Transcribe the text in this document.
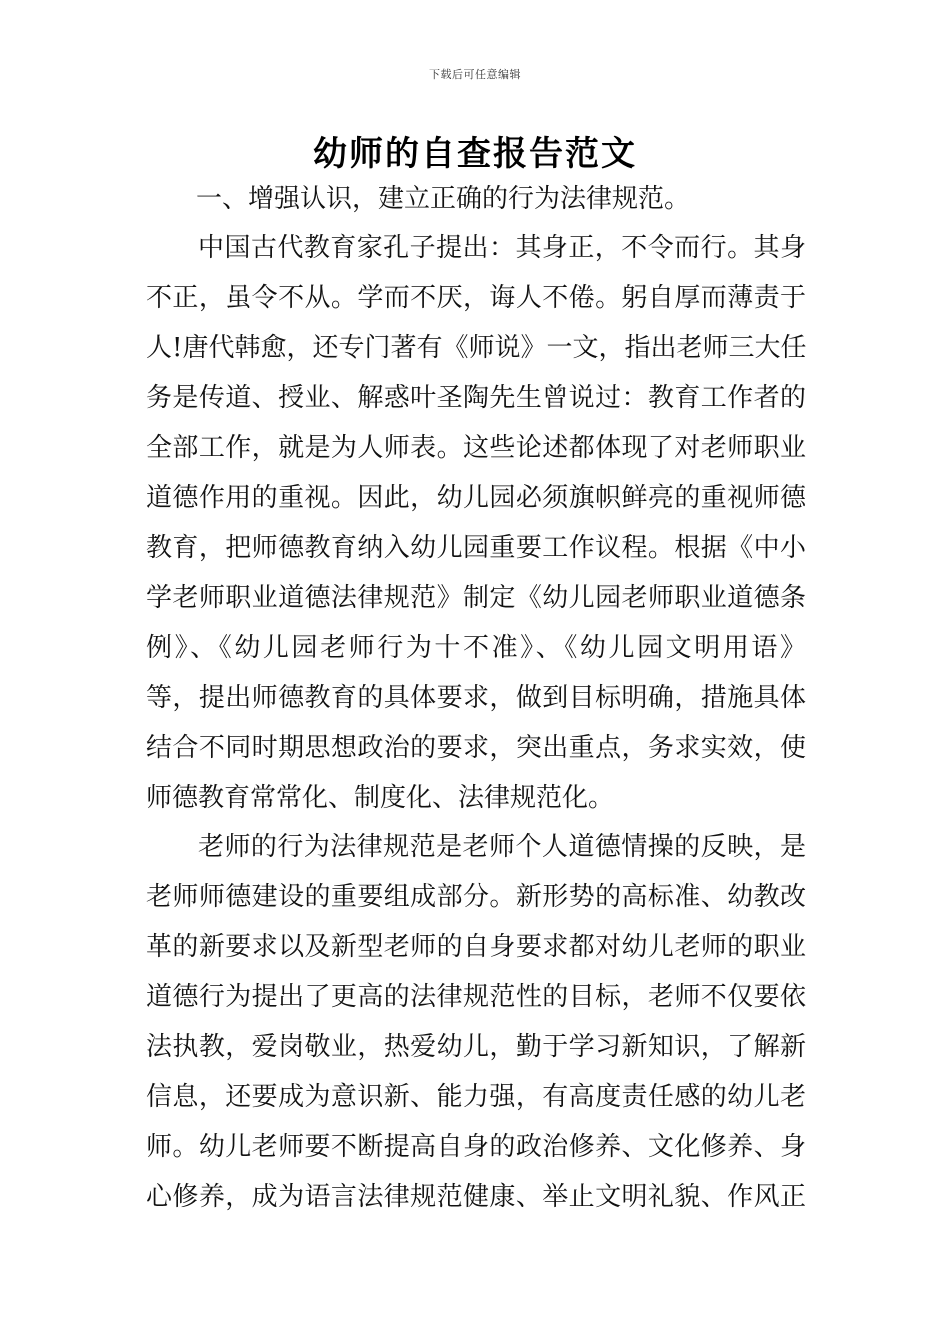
下载后可任意编辑
幼师的自查报告范文
一、增强认识，建立正确的行为法律规范。
中国古代教育家孔子提出：其身正，不令而行。其身
不正，虽令不从。学而不厌，诲人不倦。躬自厚而薄责于
人!唐代韩愈，还专门著有《师说》一文，指出老师三大任
务是传道、授业、解惑叶圣陶先生曾说过：教育工作者的
全部工作，就是为人师表。这些论述都体现了对老师职业
道德作用的重视。因此，幼儿园必须旗帜鲜亮的重视师德
教育，把师德教育纳入幼儿园重要工作议程。根据《中小
学老师职业道德法律规范》制定《幼儿园老师职业道德条
例》、《幼儿园老师行为十不准》、《幼儿园文明用语》
等，提出师德教育的具体要求，做到目标明确，措施具体
结合不同时期思想政治的要求，突出重点，务求实效，使
师德教育常常化、制度化、法律规范化。
老师的行为法律规范是老师个人道德情操的反映，是
老师师德建设的重要组成部分。新形势的高标准、幼教改
革的新要求以及新型老师的自身要求都对幼儿老师的职业
道德行为提出了更高的法律规范性的目标，老师不仅要依
法执教，爱岗敬业，热爱幼儿，勤于学习新知识，了解新
信息，还要成为意识新、能力强，有高度责任感的幼儿老
师。幼儿老师要不断提高自身的政治修养、文化修养、身
心修养，成为语言法律规范健康、举止文明礼貌、作风正
